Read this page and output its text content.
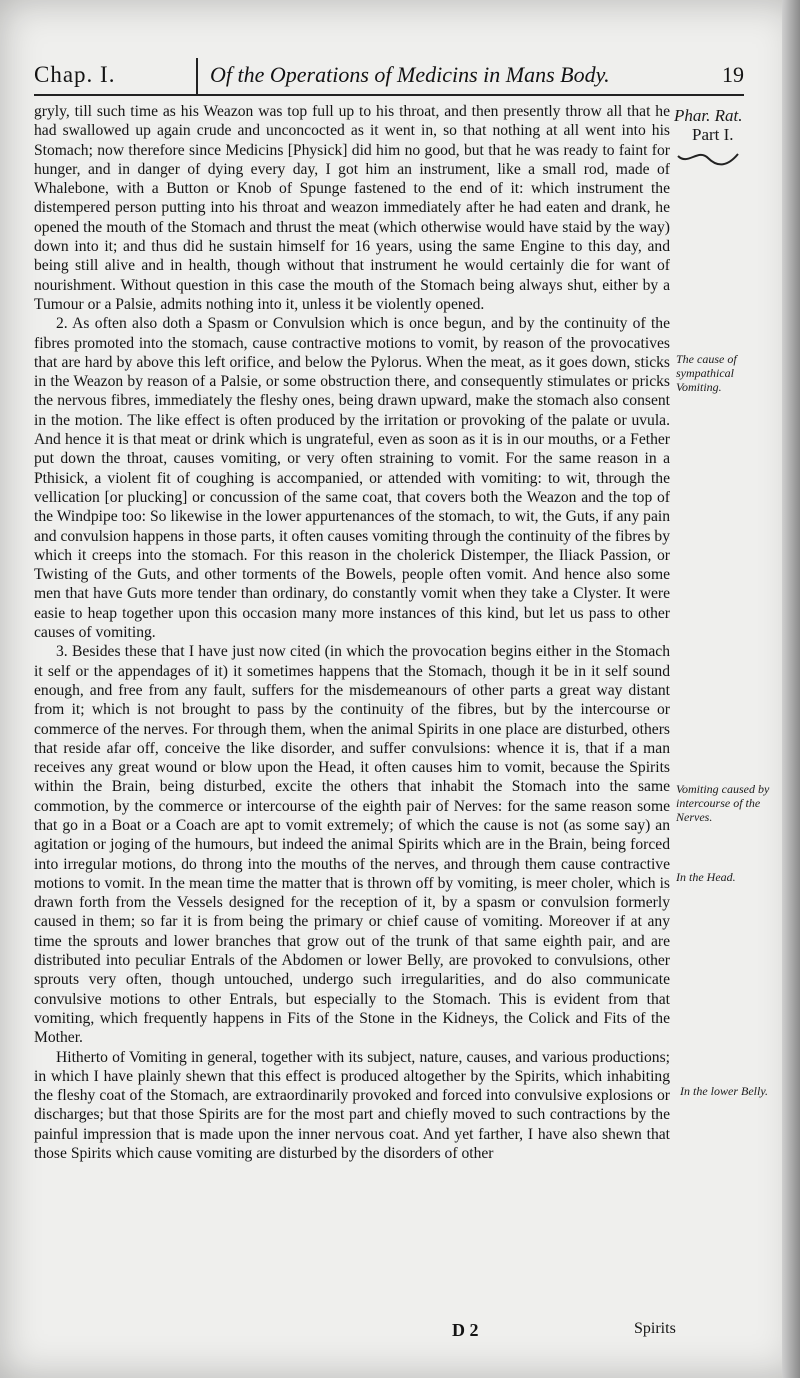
Chap. I.	Of the Operations of Medicins in Mans Body.	19

gryly, till such time as his Weazon was top full up to his throat, and then presently throw all that he had swallowed up again crude and unconcocted as it went in, so that nothing at all went into his Stomach; now therefore since Medicins [Physick] did him no good, but that he was ready to faint for hunger, and in danger of dying every day, I got him an instrument, like a small rod, made of Whalebone, with a Button or Knob of Spunge fastened to the end of it: which instrument the distempered person putting into his throat and weazon immediately after he had eaten and drank, he opened the mouth of the Stomach and thrust the meat (which otherwise would have staid by the way) down into it; and thus did he sustain himself for 16 years, using the same Engine to this day, and being still alive and in health, though without that instrument he would certainly die for want of nourishment. Without question in this case the mouth of the Stomach being always shut, either by a Tumour or a Palsie, admits nothing into it, unless it be violently opened.

2. As often also doth a Spasm or Convulsion which is once begun, and by the continuity of the fibres promoted into the stomach, cause contractive motions to vomit, by reason of the provocatives that are hard by above this left orifice, and below the Pylorus. When the meat, as it goes down, sticks in the Weazon by reason of a Palsie, or some obstruction there, and consequently stimulates or pricks the nervous fibres, immediately the fleshy ones, being drawn upward, make the stomach also consent in the motion. The like effect is often produced by the irritation or provoking of the palate or uvula. And hence it is that meat or drink which is ungrateful, even as soon as it is in our mouths, or a Fether put down the throat, causes vomiting, or very often straining to vomit. For the same reason in a Pthisick, a violent fit of coughing is accompanied, or attended with vomiting: to wit, through the vellication [or plucking] or concussion of the same coat, that covers both the Weazon and the top of the Windpipe too: So likewise in the lower appurtenances of the stomach, to wit, the Guts, if any pain and convulsion happens in those parts, it often causes vomiting through the continuity of the fibres by which it creeps into the stomach. For this reason in the cholerick Distemper, the Iliack Passion, or Twisting of the Guts, and other torments of the Bowels, people often vomit. And hence also some men that have Guts more tender than ordinary, do constantly vomit when they take a Clyster. It were easie to heap together upon this occasion many more instances of this kind, but let us pass to other causes of vomiting.

3. Besides these that I have just now cited (in which the provocation begins either in the Stomach it self or the appendages of it) it sometimes happens that the Stomach, though it be in it self sound enough, and free from any fault, suffers for the misdemeanours of other parts a great way distant from it; which is not brought to pass by the continuity of the fibres, but by the intercourse or commerce of the nerves. For through them, when the animal Spirits in one place are disturbed, others that reside afar off, conceive the like disorder, and suffer convulsions: whence it is, that if a man receives any great wound or blow upon the Head, it often causes him to vomit, because the Spirits within the Brain, being disturbed, excite the others that inhabit the Stomach into the same commotion, by the commerce or intercourse of the eighth pair of Nerves: for the same reason some that go in a Boat or a Coach are apt to vomit extremely; of which the cause is not (as some say) an agitation or joging of the humours, but indeed the animal Spirits which are in the Brain, being forced into irregular motions, do throng into the mouths of the nerves, and through them cause contractive motions to vomit. In the mean time the matter that is thrown off by vomiting, is meer choler, which is drawn forth from the Vessels designed for the reception of it, by a spasm or convulsion formerly caused in them; so far it is from being the primary or chief cause of vomiting. Moreover if at any time the sprouts and lower branches that grow out of the trunk of that same eighth pair, and are distributed into peculiar Entrals of the Abdomen or lower Belly, are provoked to convulsions, other sprouts very often, though untouched, undergo such irregularities, and do also communicate convulsive motions to other Entrals, but especially to the Stomach. This is evident from that vomiting, which frequently happens in Fits of the Stone in the Kidneys, the Colick and Fits of the Mother.

Hitherto of Vomiting in general, together with its subject, nature, causes, and various productions; in which I have plainly shewn that this effect is produced altogether by the Spirits, which inhabiting the fleshy coat of the Stomach, are extraordinarily provoked and forced into convulsive explosions or discharges; but that those Spirits are for the most part and chiefly moved to such contractions by the painful impression that is made upon the inner nervous coat. And yet farther, I have also shewn that those Spirits which cause vomiting are disturbed by the disorders of other

Phar. Rat.
Part I.
The cause of sympathical Vomiting.
Vomiting caused by intercourse of the Nerves.
In the Head.
In the lower Belly.
D 2	Spirits
